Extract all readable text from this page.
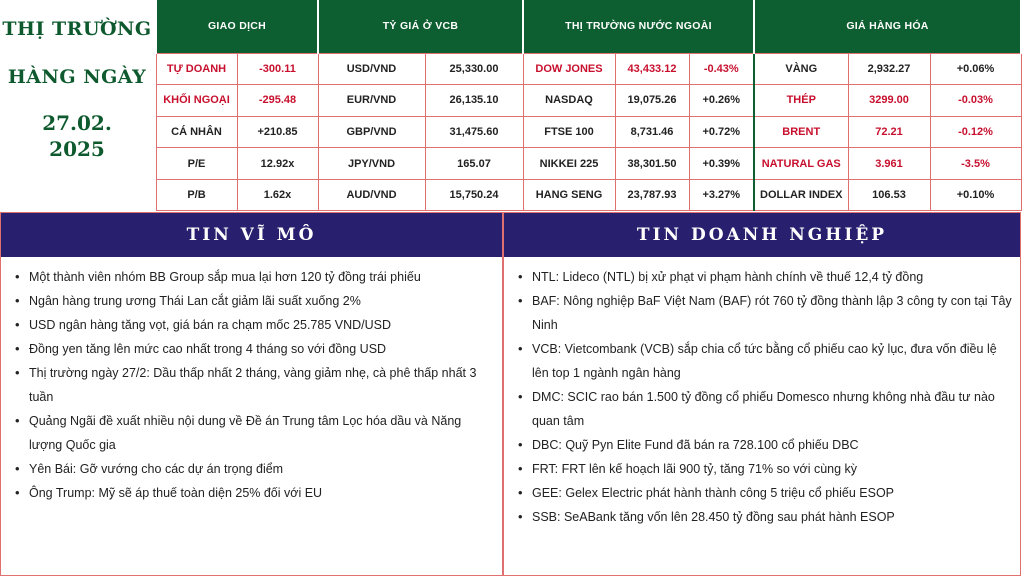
THỊ TRƯỜNG
HÀNG NGÀY
27.02. 2025
GIAO DỊCH		TỶ GIÁ Ở VCB		THỊ TRƯỜNG NƯỚC NGOÀI			GIÁ HÀNG HÓA		
TỰ DOANH	-300.11	USD/VND	25,330.00	DOW JONES	43,433.12	-0.43%	VÀNG	2,932.27	+0.06%
KHỐI NGOẠI	-295.48	EUR/VND	26,135.10	NASDAQ	19,075.26	+0.26%	THÉP	3299.00	-0.03%
CÁ NHÂN	+210.85	GBP/VND	31,475.60	FTSE 100	8,731.46	+0.72%	BRENT	72.21	-0.12%
P/E	12.92x	JPY/VND	165.07	NIKKEI 225	38,301.50	+0.39%	NATURAL GAS	3.961	-3.5%
P/B	1.62x	AUD/VND	15,750.24	HANG SENG	23,787.93	+3.27%	DOLLAR INDEX	106.53	+0.10%
TIN VĨ MÔ
• Một thành viên nhóm BB Group sắp mua lại hơn 120 tỷ đồng trái phiếu
• Ngân hàng trung ương Thái Lan cắt giảm lãi suất xuống 2%
• USD ngân hàng tăng vọt, giá bán ra chạm mốc 25.785 VND/USD
• Đồng yen tăng lên mức cao nhất trong 4 tháng so với đồng USD
• Thị trường ngày 27/2: Dầu thấp nhất 2 tháng, vàng giảm nhẹ, cà phê thấp nhất 3 tuần
• Quảng Ngãi đề xuất nhiều nội dung về Đề án Trung tâm Lọc hóa dầu và Năng lượng Quốc gia
• Yên Bái: Gỡ vướng cho các dự án trọng điểm
• Ông Trump: Mỹ sẽ áp thuế toàn diện 25% đối với EU
TIN DOANH NGHIỆP
• NTL: Lideco (NTL) bị xử phạt vi phạm hành chính về thuế 12,4 tỷ đồng
• BAF: Nông nghiệp BaF Việt Nam (BAF) rót 760 tỷ đồng thành lập 3 công ty con tại Tây Ninh
• VCB: Vietcombank (VCB) sắp chia cổ tức bằng cổ phiếu cao kỷ lục, đưa vốn điều lệ lên top 1 ngành ngân hàng
• DMC: SCIC rao bán 1.500 tỷ đồng cổ phiếu Domesco nhưng không nhà đầu tư nào quan tâm
• DBC: Quỹ Pyn Elite Fund đã bán ra 728.100 cổ phiếu DBC
• FRT: FRT lên kế hoạch lãi 900 tỷ, tăng 71% so với cùng kỳ
• GEE: Gelex Electric phát hành thành công 5 triệu cổ phiếu ESOP
• SSB: SeABank tăng vốn lên 28.450 tỷ đồng sau phát hành ESOP
